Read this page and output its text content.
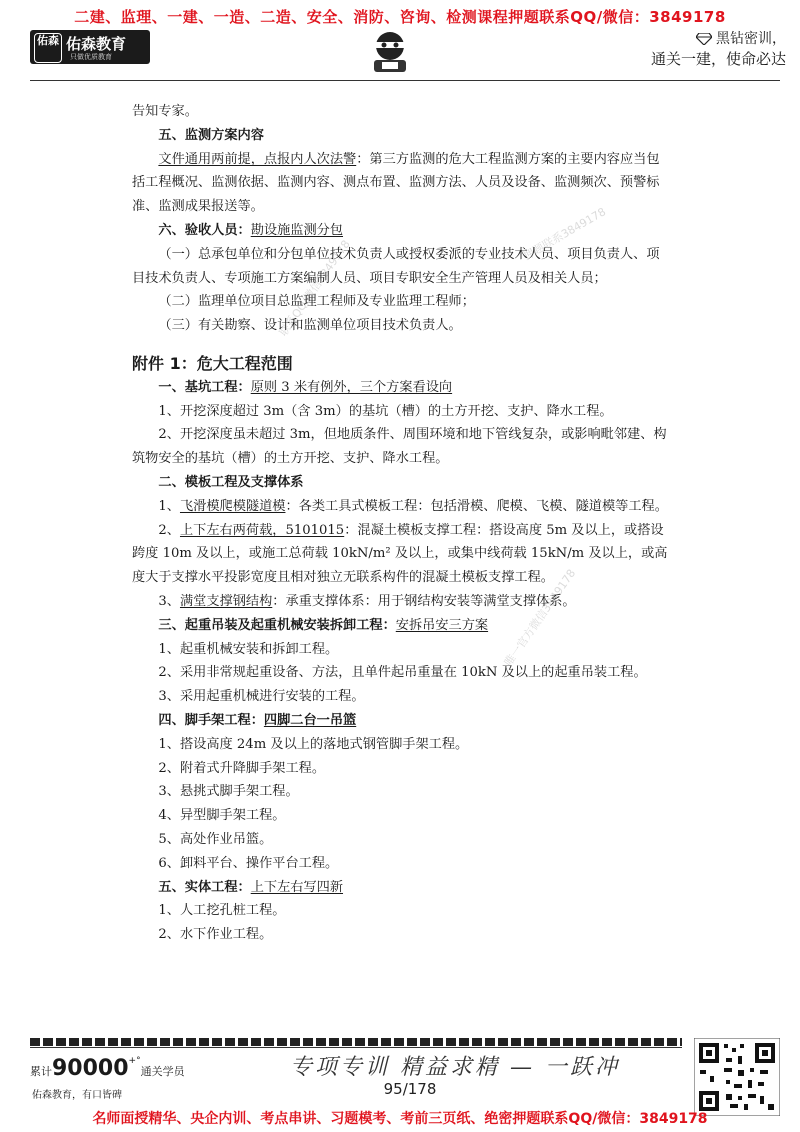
二建、监理、一建、一造、二造、安全、消防、咨询、检测课程押题联系QQ/微信：3849178
佑森 佑森教育
只做优质教育
黑钻密训，
通关一建，使命必达
联系QQ/微信3849178
唯一官方微信3849178
押题联系3849178

告知专家。

五、监测方案内容

文件通用两前提，点报内人次法警：第三方监测的危大工程监测方案的主要内容应当包括工程概况、监测依据、监测内容、测点布置、监测方法、人员及设备、监测频次、预警标准、监测成果报送等。

六、验收人员：勘设施监测分包

（一）总承包单位和分包单位技术负责人或授权委派的专业技术人员、项目负责人、项目技术负责人、专项施工方案编制人员、项目专职安全生产管理人员及相关人员；

（二）监理单位项目总监理工程师及专业监理工程师；

（三）有关勘察、设计和监测单位项目技术负责人。

附件 1：危大工程范围

一、基坑工程：原则 3 米有例外，三个方案看设向

1、开挖深度超过 3m（含 3m）的基坑（槽）的土方开挖、支护、降水工程。

2、开挖深度虽未超过 3m，但地质条件、周围环境和地下管线复杂，或影响毗邻建、构筑物安全的基坑（槽）的土方开挖、支护、降水工程。

二、模板工程及支撑体系

1、飞滑模爬模隧道模：各类工具式模板工程：包括滑模、爬模、飞模、隧道模等工程。

2、上下左右两荷载，5101015：混凝土模板支撑工程：搭设高度 5m 及以上，或搭设跨度 10m 及以上，或施工总荷载 10kN/m² 及以上，或集中线荷载 15kN/m 及以上，或高度大于支撑水平投影宽度且相对独立无联系构件的混凝土模板支撑工程。

3、满堂支撑钢结构：承重支撑体系：用于钢结构安装等满堂支撑体系。

三、起重吊装及起重机械安装拆卸工程：安拆吊安三方案

1、起重机械安装和拆卸工程。

2、采用非常规起重设备、方法，且单件起吊重量在 10kN 及以上的起重吊装工程。

3、采用起重机械进行安装的工程。

四、脚手架工程：四脚二台一吊篮

1、搭设高度 24m 及以上的落地式钢管脚手架工程。

2、附着式升降脚手架工程。

3、悬挑式脚手架工程。

4、异型脚手架工程。

5、高处作业吊篮。

6、卸料平台、操作平台工程。

五、实体工程：上下左右写四新

1、人工挖孔桩工程。

2、水下作业工程。

累计90000+°通关学员
佑森教育，有口皆碑
专项专训 精益求精 — 一跃冲
95/178
名师面授精华、央企内训、考点串讲、习题模考、考前三页纸、绝密押题联系QQ/微信：3849178
